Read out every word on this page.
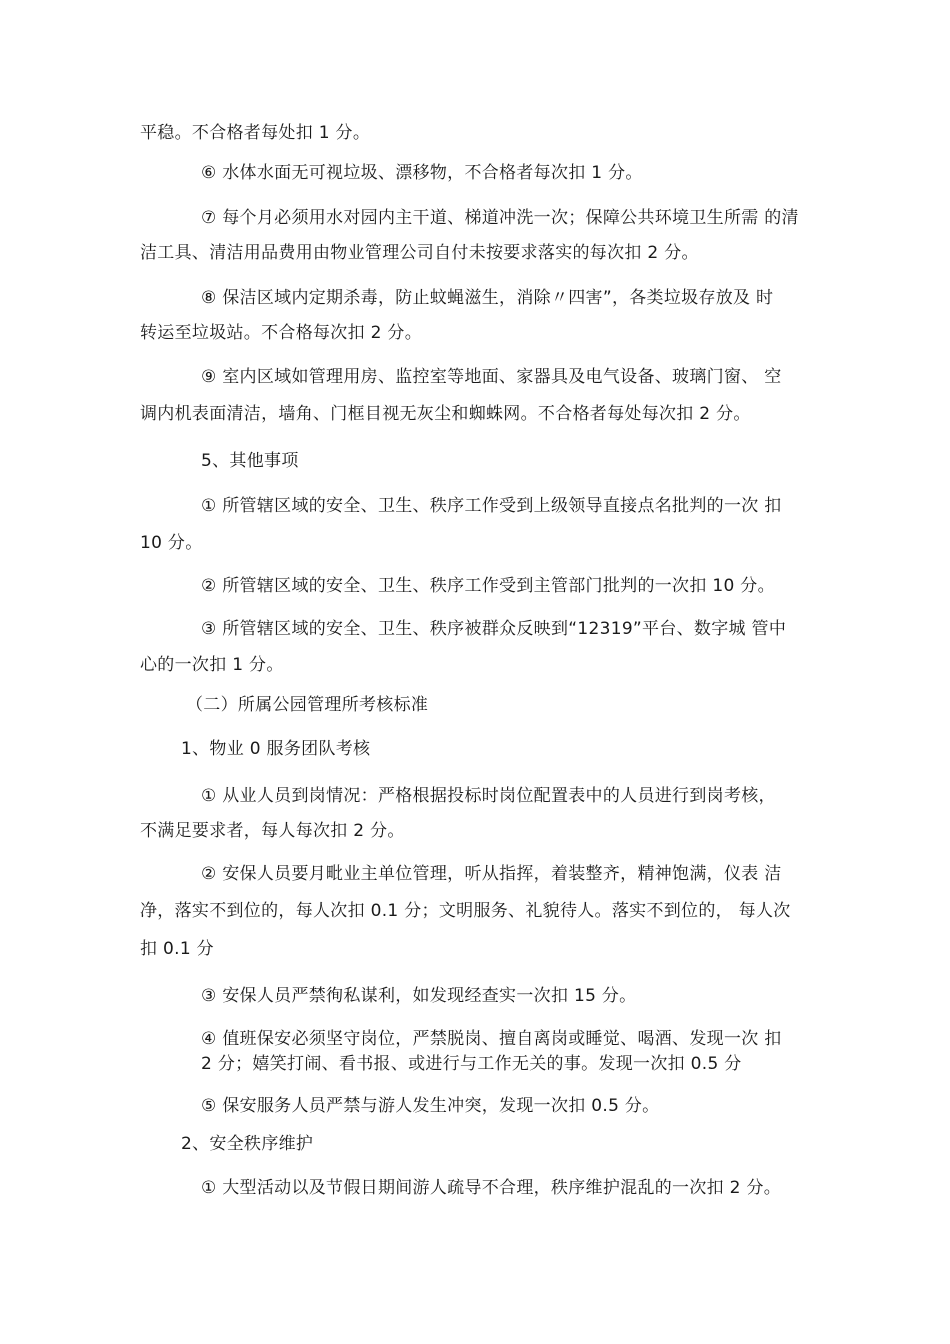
平稳。不合格者每处扣 1 分。
⑥ 水体水面无可视垃圾、漂移物，不合格者每次扣 1 分。
⑦ 每个月必须用水对园内主干道、梯道冲洗一次；保障公共环境卫生所需 的清
洁工具、清洁用品费用由物业管理公司自付未按要求落实的每次扣 2 分。
⑧ 保洁区域内定期杀毒，防止蚊蝇滋生，消除〃四害”，各类垃圾存放及 时
转运至垃圾站。不合格每次扣 2 分。
⑨ 室内区域如管理用房、监控室等地面、家器具及电气设备、玻璃门窗、 空
调内机表面清洁，墙角、门框目视无灰尘和蜘蛛网。不合格者每处每次扣 2 分。
5、其他事项
① 所管辖区域的安全、卫生、秩序工作受到上级领导直接点名批判的一次 扣
10 分。
② 所管辖区域的安全、卫生、秩序工作受到主管部门批判的一次扣 10 分。
③ 所管辖区域的安全、卫生、秩序被群众反映到“12319”平台、数字城 管中
心的一次扣 1 分。
（二）所属公园管理所考核标准
1、物业 0 服务团队考核
① 从业人员到岗情况：严格根据投标时岗位配置表中的人员进行到岗考核，
不满足要求者，每人每次扣 2 分。
② 安保人员要月毗业主单位管理，听从指挥，着装整齐，精神饱满，仪表 洁
净，落实不到位的，每人次扣 0.1 分；文明服务、礼貌待人。落实不到位的， 每人次
扣 0.1 分
③ 安保人员严禁徇私谋利，如发现经查实一次扣 15 分。
④ 值班保安必须坚守岗位，严禁脱岗、擅自离岗或睡觉、喝酒、发现一次 扣
2 分；嬉笑打闹、看书报、或进行与工作无关的事。发现一次扣 0.5 分
⑤ 保安服务人员严禁与游人发生冲突，发现一次扣 0.5 分。
2、安全秩序维护
① 大型活动以及节假日期间游人疏导不合理，秩序维护混乱的一次扣 2 分。
